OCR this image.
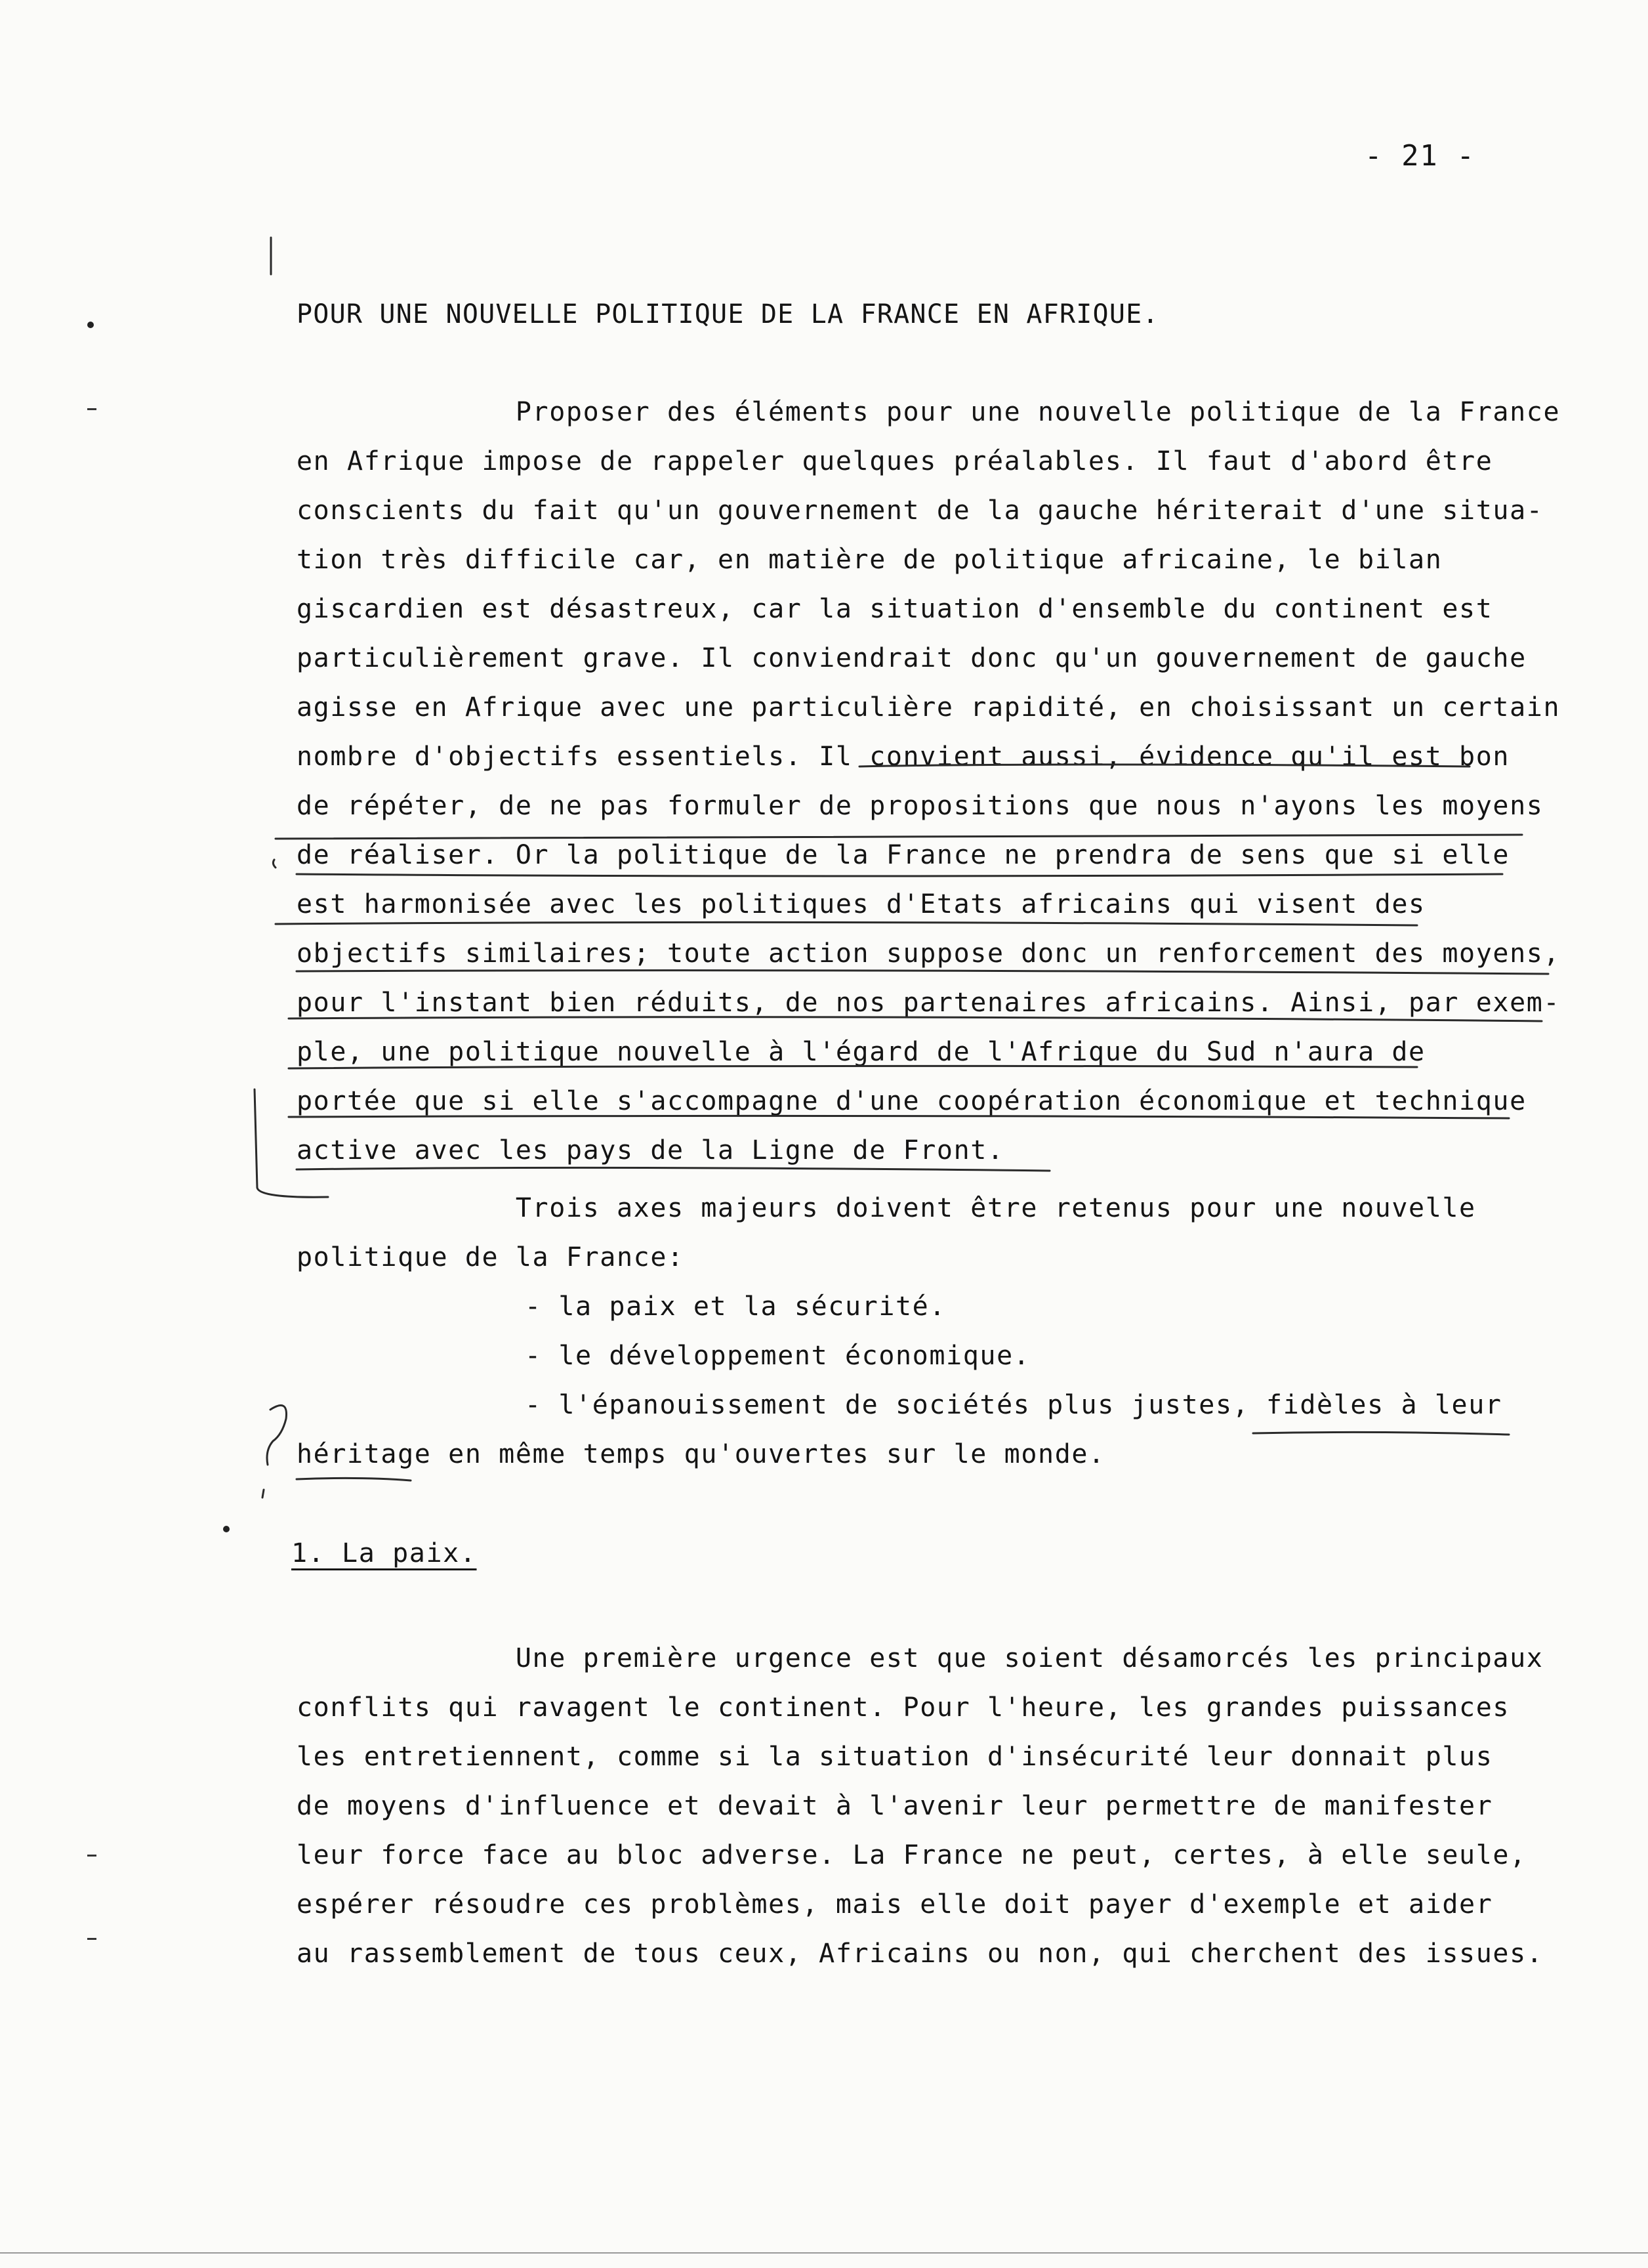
- 21 -
POUR UNE NOUVELLE POLITIQUE DE LA FRANCE EN AFRIQUE.
Proposer des éléments pour une nouvelle politique de la France
en Afrique impose de rappeler quelques préalables. Il faut d'abord être
conscients du fait qu'un gouvernement de la gauche hériterait d'une situa-
tion très difficile car, en matière de politique africaine, le bilan
giscardien est désastreux, car la situation d'ensemble du continent est
particulièrement grave. Il conviendrait donc qu'un gouvernement de gauche
agisse en Afrique avec une particulière rapidité, en choisissant un certain
nombre d'objectifs essentiels. Il convient aussi, évidence qu'il est bon
de répéter, de ne pas formuler de propositions que nous n'ayons les moyens
de réaliser. Or la politique de la France ne prendra de sens que si elle
est harmonisée avec les politiques d'Etats africains qui visent des
objectifs similaires; toute action suppose donc un renforcement des moyens,
pour l'instant bien réduits, de nos partenaires africains. Ainsi, par exem-
ple, une politique nouvelle à l'égard de l'Afrique du Sud n'aura de
portée que si elle s'accompagne d'une coopération économique et technique
active avec les pays de la Ligne de Front.
Trois axes majeurs doivent être retenus pour une nouvelle
politique de la France:
- la paix et la sécurité.
- le développement économique.
- l'épanouissement de sociétés plus justes, fidèles à leur
héritage en même temps qu'ouvertes sur le monde.
1. La paix.
Une première urgence est que soient désamorcés les principaux
conflits qui ravagent le continent. Pour l'heure, les grandes puissances
les entretiennent, comme si la situation d'insécurité leur donnait plus
de moyens d'influence et devait à l'avenir leur permettre de manifester
leur force face au bloc adverse. La France ne peut, certes, à elle seule,
espérer résoudre ces problèmes, mais elle doit payer d'exemple et aider
au rassemblement de tous ceux, Africains ou non, qui cherchent des issues.
